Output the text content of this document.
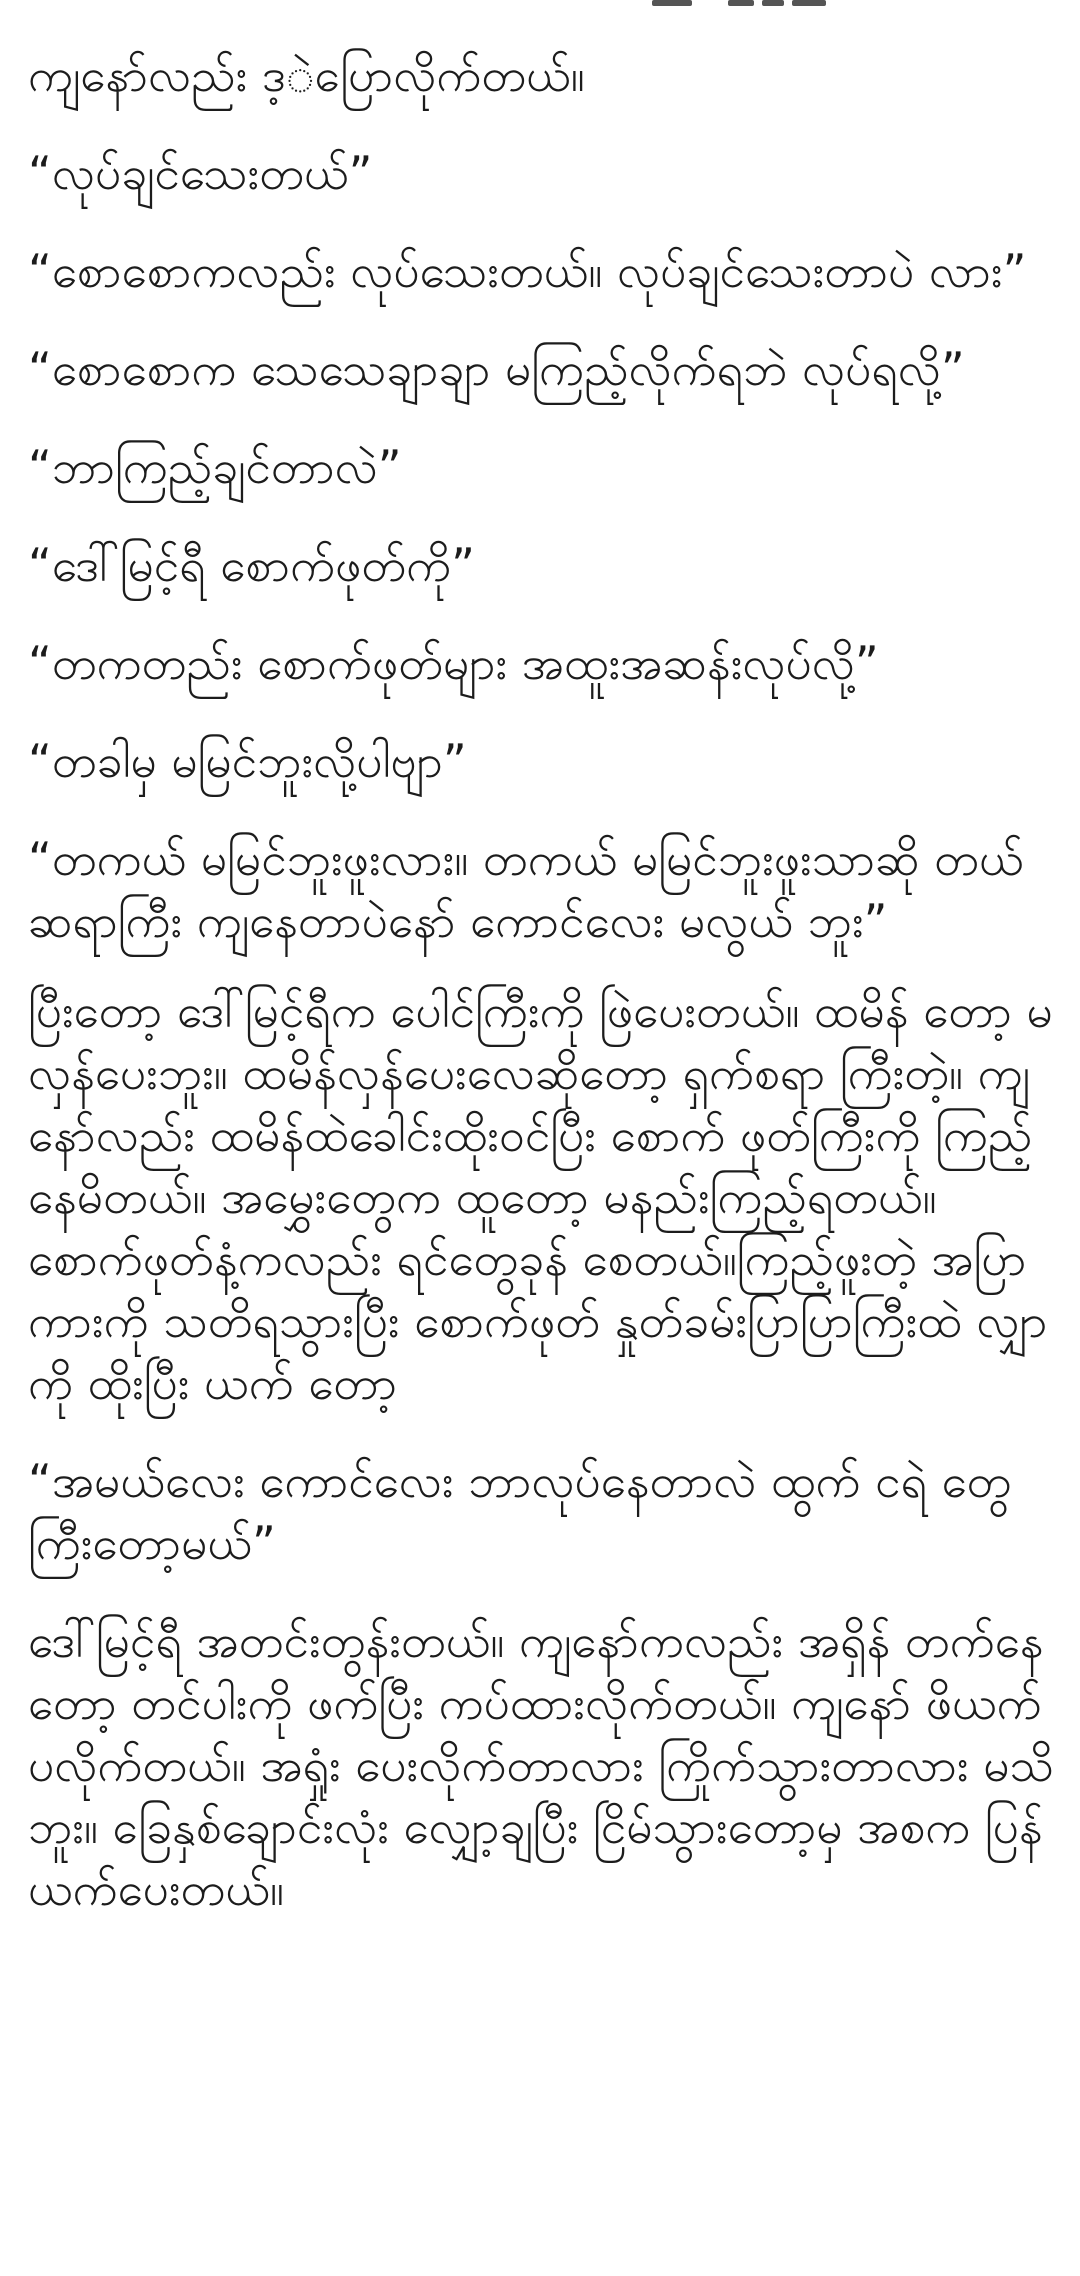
ကျနော်လည်း ဒ့ဲပြောလိုက်တယ်။

“လုပ်ချင်သေးတယ်”

“စောစောကလည်း လုပ်သေးတယ်။ လုပ်ချင်သေးတာပဲ လား”

“စောစောက သေသေချာချာ မကြည့်လိုက်ရဘဲ လုပ်ရလို့”

“ဘာကြည့်ချင်တာလဲ”

“ဒေါ်မြင့်ရီ စောက်ဖုတ်ကို”

“တကတည်း စောက်ဖုတ်များ အထူးအဆန်းလုပ်လို့”

“တခါမှ မမြင်ဘူးလို့ပါဗျာ”

“တကယ် မမြင်ဘူးဖူးလား။ တကယ် မမြင်ဘူးဖူးသာဆို တယ် ဆရာကြီး ကျနေတာပဲနော် ကောင်လေး မလွယ် ဘူး”

ပြီးတော့ ဒေါ်မြင့်ရီက ပေါင်ကြီးကို ဖြဲပေးတယ်။ ထမိန် တော့ မလှန်ပေးဘူး။ ထမိန်လှန်ပေးလေဆိုတော့ ရှက်စရာ ကြီးတဲ့။ ကျနော်လည်း ထမိန်ထဲခေါင်းထိုးဝင်ပြီး စောက် ဖုတ်ကြီးကို ကြည့်နေမိတယ်။ အမွှေးတွေက ထူတော့ မနည်းကြည့်ရတယ်။ စောက်ဖုတ်နံ့ကလည်း ရင်တွေခုန် စေတယ်။ကြည့်ဖူးတဲ့ အပြာကားကို သတိရသွားပြီး စောက်ဖုတ် နှုတ်ခမ်းပြာပြာကြီးထဲ လျှာကို ထိုးပြီး ယက် တော့

“အမယ်လေး ကောင်လေး ဘာလုပ်နေတာလဲ ထွက် ငရဲ တွေ ကြီးတော့မယ်”

ဒေါ်မြင့်ရီ အတင်းတွန်းတယ်။ ကျနော်ကလည်း အရှိန် တက်နေတော့ တင်ပါးကို ဖက်ပြီး ကပ်ထားလိုက်တယ်။ ကျနော် ဖိယက်ပလိုက်တယ်။ အရှုံး ပေးလိုက်တာလား ကြိုက်သွားတာလား မသိဘူး။ ခြေနှစ်ချောင်းလုံး လျှော့ချပြီး ငြိမ်သွားတော့မှ အစက ပြန်ယက်ပေးတယ်။
